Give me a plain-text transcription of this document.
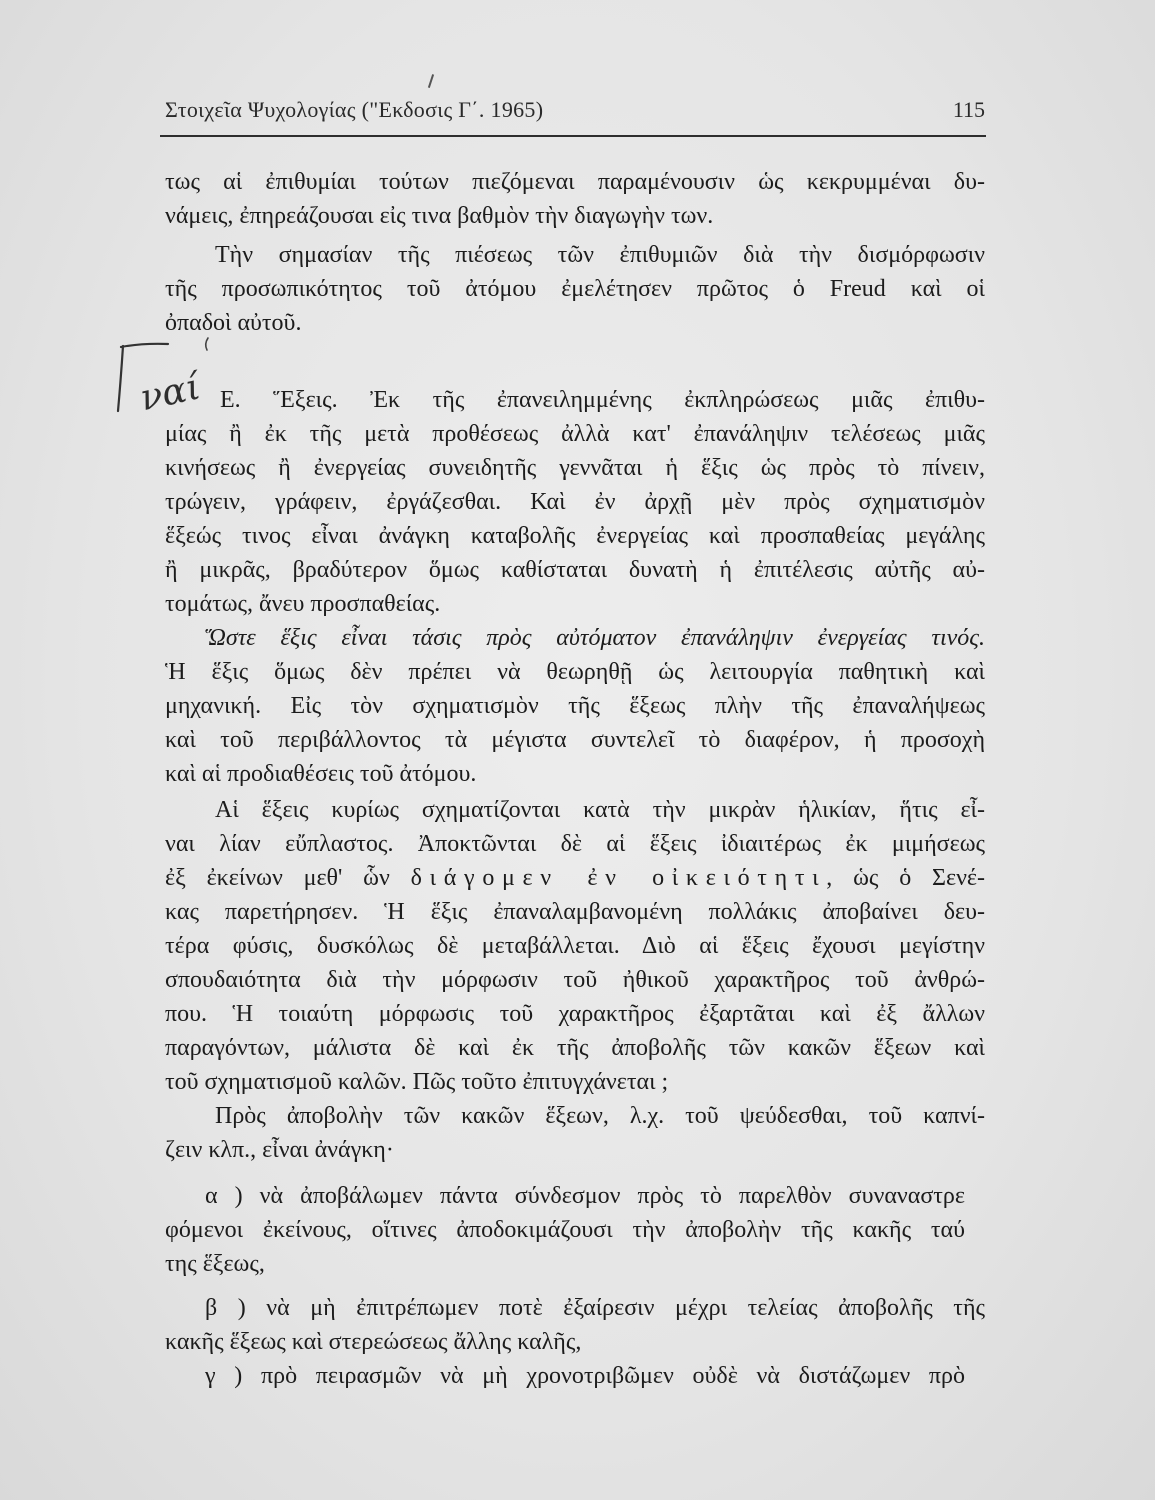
Στοιχεῖα Ψυχολογίας ("Εκδοσις Γ΄. 1965)	115
ναί
τως αἱ ἐπιθυμίαι τούτων πιεζόμεναι παραμένουσιν ὡς κεκρυμμέναι δυ-
νάμεις, ἐπηρεάζουσαι εἰς τινα βαθμὸν τὴν διαγωγὴν των.
Τὴν σημασίαν τῆς πιέσεως τῶν ἐπιθυμιῶν διὰ τὴν δισμόρφωσιν
τῆς προσωπικότητος τοῦ ἀτόμου ἐμελέτησεν πρῶτος ὁ Freud καὶ οἱ
ὀπαδοὶ αὐτοῦ.
Ε. Ἕξεις. Ἐκ τῆς ἐπανειλημμένης ἐκπληρώσεως μιᾶς ἐπιθυ-
μίας ἢ ἐκ τῆς μετὰ προθέσεως ἀλλὰ κατ' ἐπανάληψιν τελέσεως μιᾶς
κινήσεως ἢ ἐνεργείας συνειδητῆς γεννᾶται ἡ ἕξις ὡς πρὸς τὸ πίνειν,
τρώγειν, γράφειν, ἐργάζεσθαι. Καὶ ἐν ἀρχῇ μὲν πρὸς σχηματισμὸν
ἕξεώς τινος εἶναι ἀνάγκη καταβολῆς ἐνεργείας καὶ προσπαθείας μεγάλης
ἢ μικρᾶς, βραδύτερον ὅμως καθίσταται δυνατὴ ἡ ἐπιτέλεσις αὐτῆς αὐ-
τομάτως, ἄνευ προσπαθείας.
Ὥστε ἕξις εἶναι τάσις πρὸς αὐτόματον ἐπανάληψιν ἐνεργείας τινός.
Ἡ ἕξις ὅμως δὲν πρέπει νὰ θεωρηθῇ ὡς λειτουργία παθητικὴ καὶ
μηχανική. Εἰς τὸν σχηματισμὸν τῆς ἕξεως πλὴν τῆς ἐπαναλήψεως
καὶ τοῦ περιβάλλοντος τὰ μέγιστα συντελεῖ τὸ διαφέρον, ἡ προσοχὴ
καὶ αἱ προδιαθέσεις τοῦ ἀτόμου.
Αἱ ἕξεις κυρίως σχηματίζονται κατὰ τὴν μικρὰν ἡλικίαν, ἥτις εἶ-
ναι λίαν εὔπλαστος. Ἀποκτῶνται δὲ αἱ ἕξεις ἰδιαιτέρως ἐκ μιμήσεως
ἐξ ἐκείνων μεθ' ὧν διάγομεν ἐν οἰκειότητι, ὡς ὁ Σενέ-
κας παρετήρησεν. Ἡ ἕξις ἐπαναλαμβανομένη πολλάκις ἀποβαίνει δευ-
τέρα φύσις, δυσκόλως δὲ μεταβάλλεται. Διὸ αἱ ἕξεις ἔχουσι μεγίστην
σπουδαιότητα διὰ τὴν μόρφωσιν τοῦ ἠθικοῦ χαρακτῆρος τοῦ ἀνθρώ-
που. Ἡ τοιαύτη μόρφωσις τοῦ χαρακτῆρος ἐξαρτᾶται καὶ ἐξ ἄλλων
παραγόντων, μάλιστα δὲ καὶ ἐκ τῆς ἀποβολῆς τῶν κακῶν ἕξεων καὶ
τοῦ σχηματισμοῦ καλῶν. Πῶς τοῦτο ἐπιτυγχάνεται ;
Πρὸς ἀποβολὴν τῶν κακῶν ἕξεων, λ.χ. τοῦ ψεύδεσθαι, τοῦ καπνί-
ζειν κλπ., εἶναι ἀνάγκη·
α ) νὰ ἀποβάλωμεν πάντα σύνδεσμον πρὸς τὸ παρελθὸν συναναστρε
φόμενοι ἐκείνους, οἵτινες ἀποδοκιμάζουσι τὴν ἀποβολὴν τῆς κακῆς ταύ
της ἕξεως,
β ) νὰ μὴ ἐπιτρέπωμεν ποτὲ ἐξαίρεσιν μέχρι τελείας ἀποβολῆς τῆς
κακῆς ἕξεως καὶ στερεώσεως ἄλλης καλῆς,
γ ) πρὸ πειρασμῶν νὰ μὴ χρονοτριβῶμεν οὐδὲ νὰ διστάζωμεν πρὸ
